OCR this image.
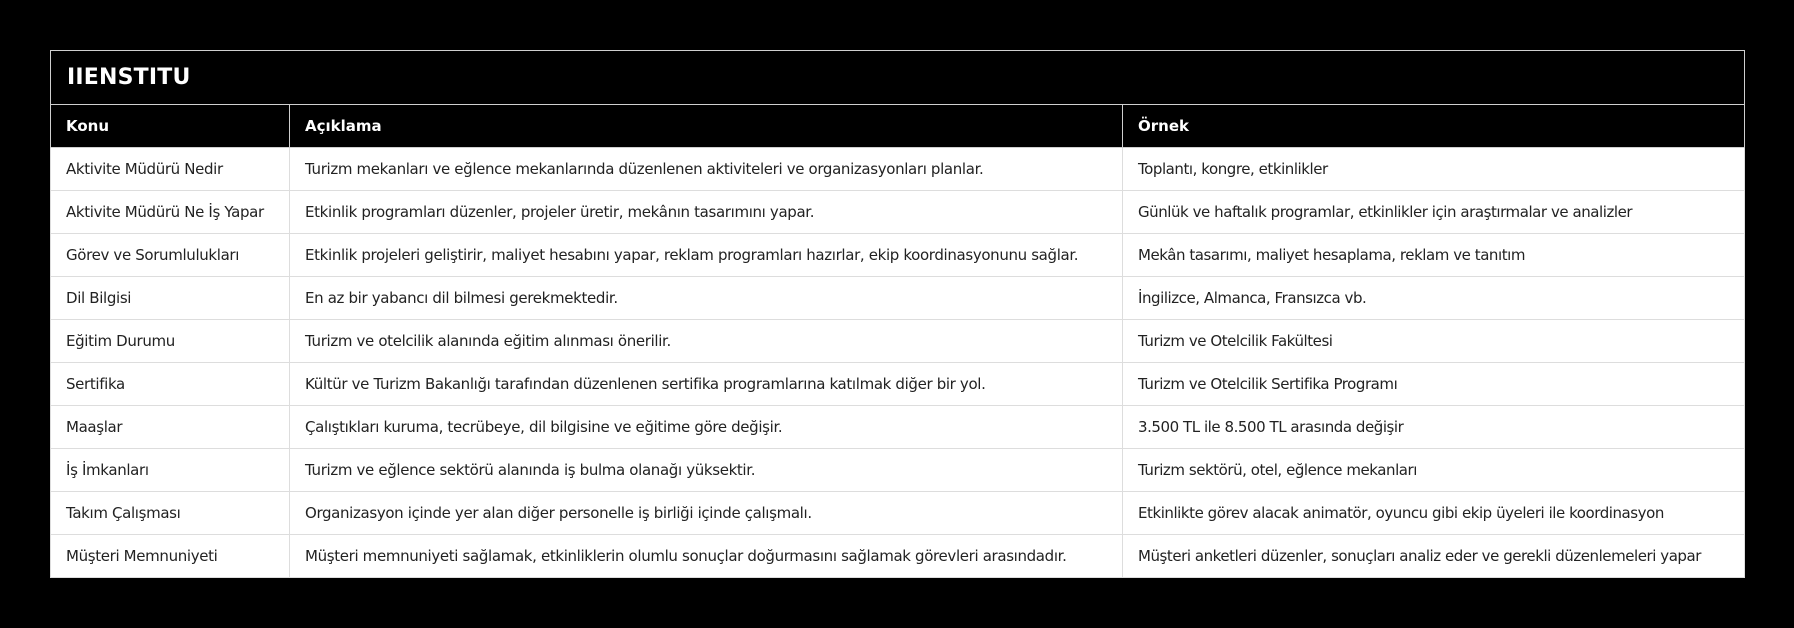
IIENSTITU		
Konu	Açıklama	Örnek
Aktivite Müdürü Nedir	Turizm mekanları ve eğlence mekanlarında düzenlenen aktiviteleri ve organizasyonları planlar.	Toplantı, kongre, etkinlikler
Aktivite Müdürü Ne İş Yapar	Etkinlik programları düzenler, projeler üretir, mekânın tasarımını yapar.	Günlük ve haftalık programlar, etkinlikler için araştırmalar ve analizler
Görev ve Sorumlulukları	Etkinlik projeleri geliştirir, maliyet hesabını yapar, reklam programları hazırlar, ekip koordinasyonunu sağlar.	Mekân tasarımı, maliyet hesaplama, reklam ve tanıtım
Dil Bilgisi	En az bir yabancı dil bilmesi gerekmektedir.	İngilizce, Almanca, Fransızca vb.
Eğitim Durumu	Turizm ve otelcilik alanında eğitim alınması önerilir.	Turizm ve Otelcilik Fakültesi
Sertifika	Kültür ve Turizm Bakanlığı tarafından düzenlenen sertifika programlarına katılmak diğer bir yol.	Turizm ve Otelcilik Sertifika Programı
Maaşlar	Çalıştıkları kuruma, tecrübeye, dil bilgisine ve eğitime göre değişir.	3.500 TL ile 8.500 TL arasında değişir
İş İmkanları	Turizm ve eğlence sektörü alanında iş bulma olanağı yüksektir.	Turizm sektörü, otel, eğlence mekanları
Takım Çalışması	Organizasyon içinde yer alan diğer personelle iş birliği içinde çalışmalı.	Etkinlikte görev alacak animatör, oyuncu gibi ekip üyeleri ile koordinasyon
Müşteri Memnuniyeti	Müşteri memnuniyeti sağlamak, etkinliklerin olumlu sonuçlar doğurmasını sağlamak görevleri arasındadır.	Müşteri anketleri düzenler, sonuçları analiz eder ve gerekli düzenlemeleri yapar
